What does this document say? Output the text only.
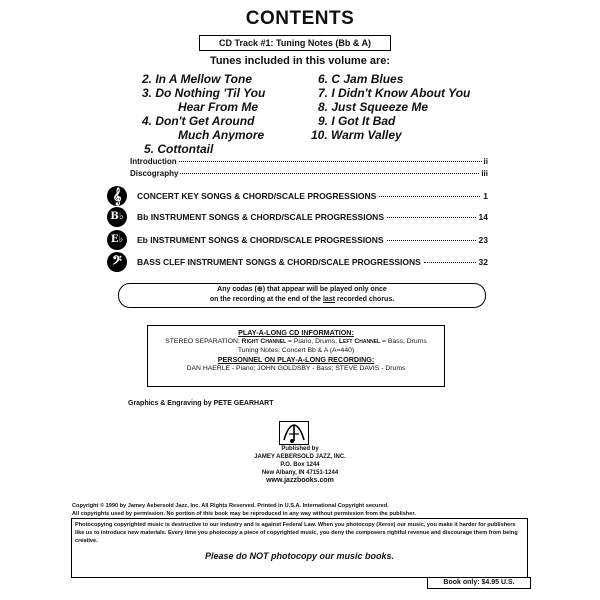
CONTENTS
CD Track #1: Tuning Notes (Bb & A)
Tunes included in this volume are:
2. In A Mellow Tone
3. Do Nothing 'Til You
Hear From Me
4. Don't Get Around
Much Anymore
5. Cottontail
6. C Jam Blues
7. I Didn't Know About You
8. Just Squeeze Me
9. I Got It Bad
10. Warm Valley
Introduction	ii
Discography	iii
𝄞	CONCERT KEY SONGS & CHORD/SCALE PROGRESSIONS	1
B♭	Bb INSTRUMENT SONGS & CHORD/SCALE PROGRESSIONS	14
E♭	Eb INSTRUMENT SONGS & CHORD/SCALE PROGRESSIONS	23
𝄢	BASS CLEF INSTRUMENT SONGS & CHORD/SCALE PROGRESSIONS	32
Any codas (⊕) that appear will be played only once
on the recording at the end of the last recorded chorus.
PLAY-A-LONG CD INFORMATION:
STEREO SEPARATION: Right Channel = Piano, Drums; Left Channel = Bass, Drums
Tuning Notes: Concert Bb & A (A=440)
PERSONNEL ON PLAY-A-LONG RECORDING:
DAN HAERLE - Piano; JOHN GOLDSBY - Bass; STEVE DAVIS - Drums
Graphics & Engraving by PETE GEARHART
Published by
JAMEY AEBERSOLD JAZZ, INC.
P.O. Box 1244
New Albany, IN 47151-1244
www.jazzbooks.com
Copyright © 1990 by Jamey Aebersold Jazz, Inc. All Rights Reserved. Printed in U.S.A. International Copyright secured.
All copyrights used by permission. No portion of this book may be reproduced in any way without permission from the publisher.
Photocopying copyrighted music is destructive to our industry and is against Federal Law. When you photocopy (Xerox) our music, you make it harder for publishers like us to introduce new materials. Every time you photocopy a piece of copyrighted music, you deny the composers rightful revenue and discourage them from being creative.
Please do NOT photocopy our music books.
Book only: $4.95 U.S.
